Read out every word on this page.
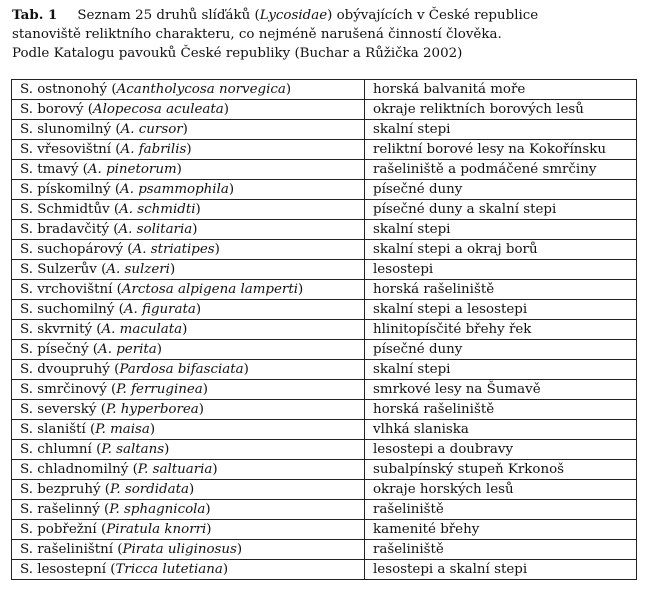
Tab. 1 Seznam 25 druhů slíďáků (Lycosidae) obývajících v České republice
stanoviště reliktního charakteru, co nejméně narušená činností člověka.
Podle Katalogu pavouků České republiky (Buchar a Růžička 2002)
S. ostnonohý (Acantholycosa norvegica)	horská balvanitá moře
S. borový (Alopecosa aculeata)	okraje reliktních borových lesů
S. slunomilný (A. cursor)	skalní stepi
S. vřesovištní (A. fabrilis)	reliktní borové lesy na Kokořínsku
S. tmavý (A. pinetorum)	rašeliniště a podmáčené smrčiny
S. pískomilný (A. psammophila)	písečné duny
S. Schmidtův (A. schmidti)	písečné duny a skalní stepi
S. bradavčitý (A. solitaria)	skalní stepi
S. suchopárový (A. striatipes)	skalní stepi a okraj borů
S. Sulzerův (A. sulzeri)	lesostepi
S. vrchovištní (Arctosa alpigena lamperti)	horská rašeliniště
S. suchomilný (A. figurata)	skalní stepi a lesostepi
S. skvrnitý (A. maculata)	hlinitopísčité břehy řek
S. písečný (A. perita)	písečné duny
S. dvoupruhý (Pardosa bifasciata)	skalní stepi
S. smrčinový (P. ferruginea)	smrkové lesy na Šumavě
S. severský (P. hyperborea)	horská rašeliniště
S. slaniští (P. maisa)	vlhká slaniska
S. chlumní (P. saltans)	lesostepi a doubravy
S. chladnomilný (P. saltuaria)	subalpínský stupeň Krkonoš
S. bezpruhý (P. sordidata)	okraje horských lesů
S. rašelinný (P. sphagnicola)	rašeliniště
S. pobřežní (Piratula knorri)	kamenité břehy
S. rašeliništní (Pirata uliginosus)	rašeliniště
S. lesostepní (Tricca lutetiana)	lesostepi a skalní stepi
